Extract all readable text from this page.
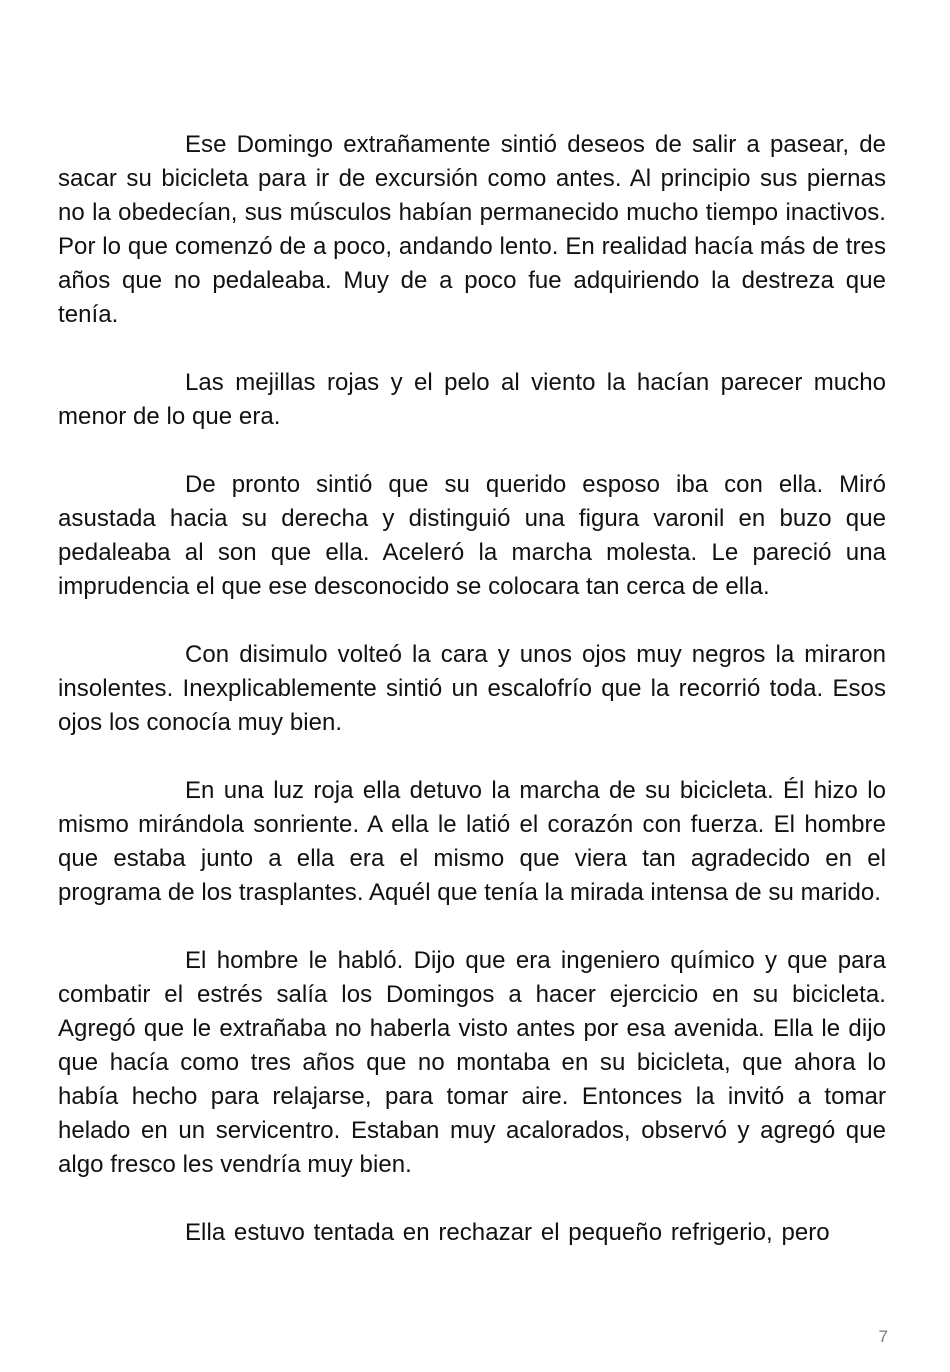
Ese Domingo extrañamente sintió deseos de salir a pasear, de sacar su bicicleta para ir de excursión como antes. Al principio sus piernas no la obedecían, sus músculos habían permanecido mucho tiempo inactivos. Por lo que comenzó de a poco, andando lento. En realidad hacía más de tres años que no pedaleaba. Muy de a poco fue adquiriendo la destreza que tenía.

Las mejillas rojas y el pelo al viento la hacían parecer mucho menor de lo que era.

De pronto sintió que su querido esposo iba con ella. Miró asustada hacia su derecha y distinguió una figura varonil en buzo que pedaleaba al son que ella. Aceleró la marcha molesta. Le pareció una imprudencia el que ese desconocido se colocara tan cerca de ella.

Con disimulo volteó la cara y unos ojos muy negros la miraron insolentes. Inexplicablemente sintió un escalofrío que la recorrió toda. Esos ojos los conocía muy bien.

En una luz roja ella detuvo la marcha de su bicicleta. Él hizo lo mismo mirándola sonriente. A ella le latió el corazón con fuerza. El hombre que estaba junto a ella era el mismo que viera tan agradecido en el programa de los trasplantes. Aquél que tenía la mirada intensa de su marido.

El hombre le habló. Dijo que era ingeniero químico y que para combatir el estrés salía los Domingos a hacer ejercicio en su bicicleta. Agregó que le extrañaba no haberla visto antes por esa avenida. Ella le dijo que hacía como tres años que no montaba en su bicicleta, que ahora lo había hecho para relajarse, para tomar aire. Entonces la invitó a tomar helado en un servicentro. Estaban muy acalorados, observó y agregó que algo fresco les vendría muy bien.

Ella estuvo tentada en rechazar el pequeño refrigerio, pero

7
